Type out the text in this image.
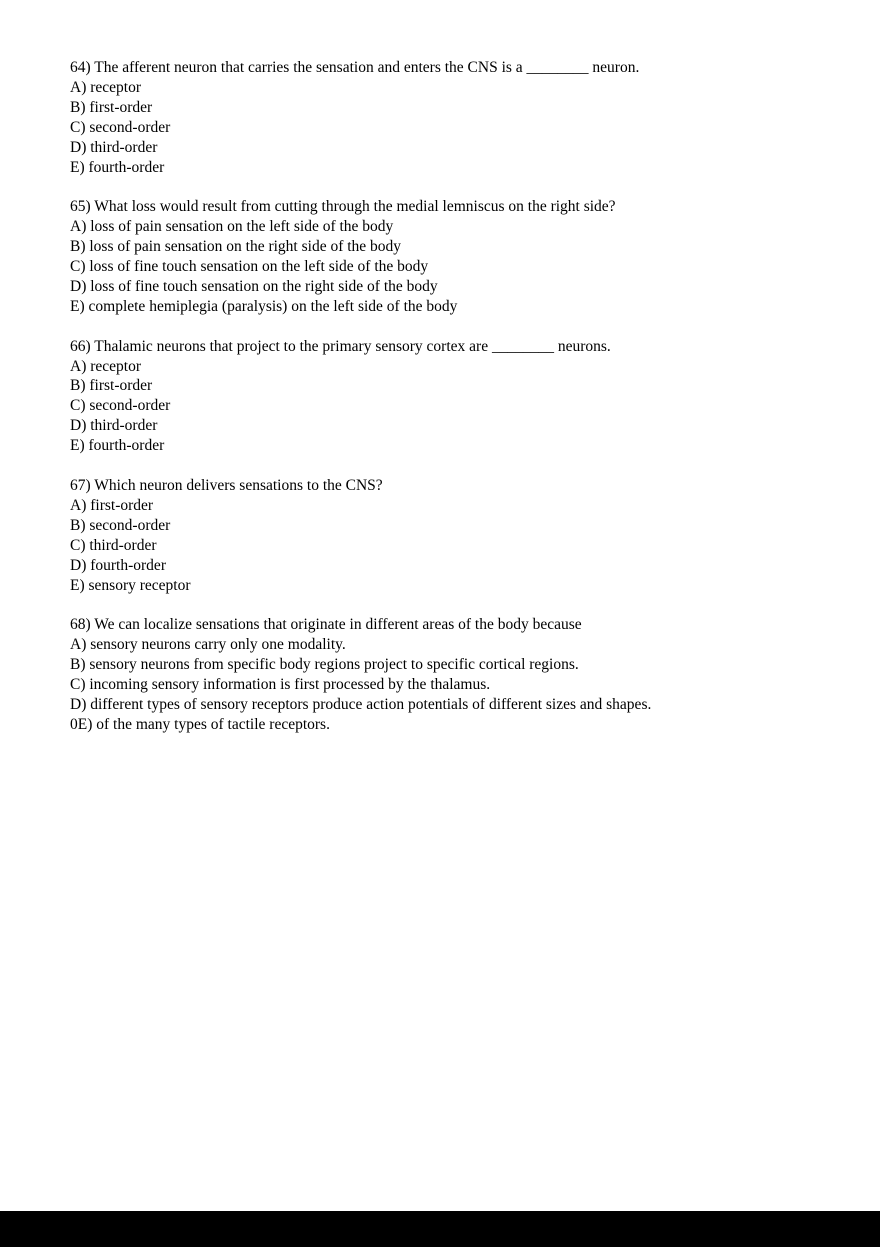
64) The afferent neuron that carries the sensation and enters the CNS is a ________ neuron.
A) receptor
B) first-order
C) second-order
D) third-order
E) fourth-order
65) What loss would result from cutting through the medial lemniscus on the right side?
A) loss of pain sensation on the left side of the body
B) loss of pain sensation on the right side of the body
C) loss of fine touch sensation on the left side of the body
D) loss of fine touch sensation on the right side of the body
E) complete hemiplegia (paralysis) on the left side of the body
66) Thalamic neurons that project to the primary sensory cortex are ________ neurons.
A) receptor
B) first-order
C) second-order
D) third-order
E) fourth-order
67) Which neuron delivers sensations to the CNS?
A) first-order
B) second-order
C) third-order
D) fourth-order
E) sensory receptor
68) We can localize sensations that originate in different areas of the body because
A) sensory neurons carry only one modality.
B) sensory neurons from specific body regions project to specific cortical regions.
C) incoming sensory information is first processed by the thalamus.
D) different types of sensory receptors produce action potentials of different sizes and shapes.
0E) of the many types of tactile receptors.
